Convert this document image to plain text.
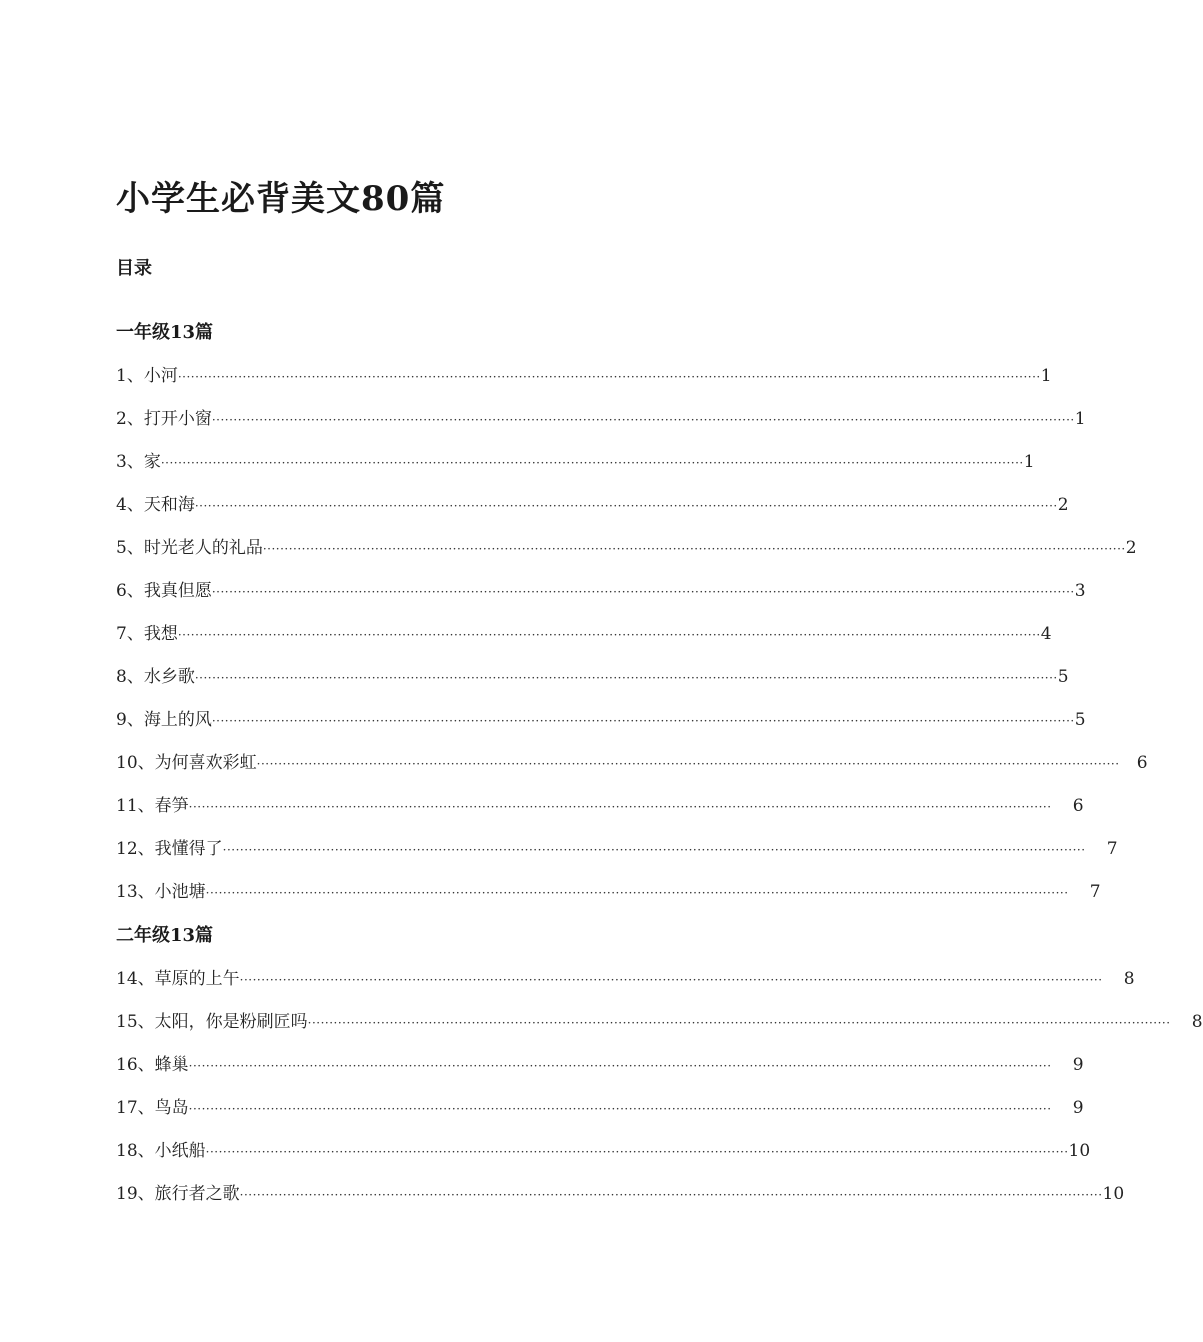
小学生必背美文80篇
目录
一年级13篇
1、小河 ········································································································································································································ 1
2、打开小窗 ········································································································································································································ 1
3、家 ········································································································································································································ 1
4、天和海 ········································································································································································································ 2
5、时光老人的礼品 ········································································································································································································ 2
6、我真但愿 ········································································································································································································ 3
7、我想 ········································································································································································································ 4
8、水乡歌 ········································································································································································································ 5
9、海上的风 ········································································································································································································ 5
10、为何喜欢彩虹 ········································································································································································································	6
11、春笋 ········································································································································································································	6
12、我懂得了 ········································································································································································································	7
13、小池塘 ········································································································································································································	7
二年级13篇
14、草原的上午 ········································································································································································································	8
15、太阳，你是粉刷匠吗 ········································································································································································································	8
16、蜂巢 ········································································································································································································	9
17、鸟岛 ········································································································································································································	9
18、小纸船 ········································································································································································································ 10
19、旅行者之歌 ········································································································································································································ 10
